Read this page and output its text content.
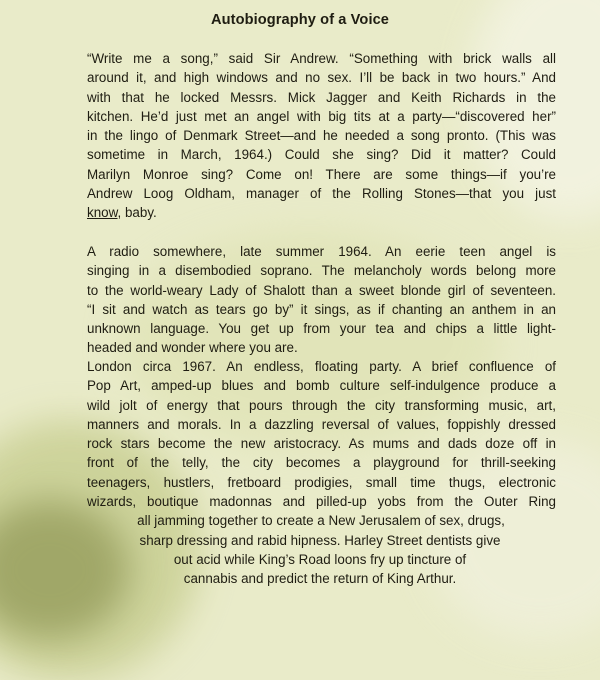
Autobiography of a Voice

“Write me a song,” said Sir Andrew. “Something with brick walls all
around it, and high windows and no sex. I’ll be back in two hours.” And
with that he locked Messrs. Mick Jagger and Keith Richards in the
kitchen. He’d just met an angel with big tits at a party—“discovered her”
in the lingo of Denmark Street—and he needed a song pronto. (This was
sometime in March, 1964.) Could she sing? Did it matter? Could
Marilyn Monroe sing? Come on! There are some things—if you’re
Andrew Loog Oldham, manager of the Rolling Stones—that you just
know, baby.

A radio somewhere, late summer 1964. An eerie teen angel is
singing in a disembodied soprano. The melancholy words belong more
to the world-weary Lady of Shalott than a sweet blonde girl of seventeen.
“I sit and watch as tears go by” it sings, as if chanting an anthem in an
unknown language. You get up from your tea and chips a little light-
headed and wonder where you are.

London circa 1967. An endless, floating party. A brief confluence of
Pop Art, amped-up blues and bomb culture self-indulgence produce a
wild jolt of energy that pours through the city transforming music, art,
manners and morals. In a dazzling reversal of values, foppishly dressed
rock stars become the new aristocracy. As mums and dads doze off in
front of the telly, the city becomes a playground for thrill-seeking
teenagers, hustlers, fretboard prodigies, small time thugs, electronic
wizards, boutique madonnas and pilled-up yobs from the Outer Ring
all jamming together to create a New Jerusalem of sex, drugs,
sharp dressing and rabid hipness. Harley Street dentists give
out acid while King’s Road loons fry up tincture of
cannabis and predict the return of King Arthur.
